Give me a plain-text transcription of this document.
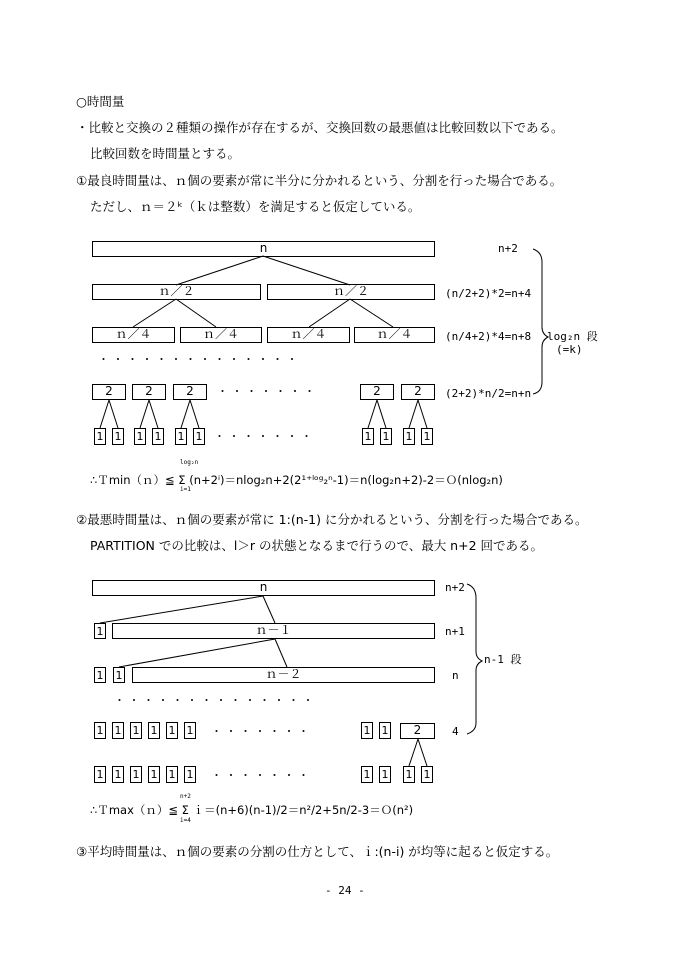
○時間量
・比較と交換の２種類の操作が存在するが、交換回数の最悪値は比較回数以下である。
比較回数を時間量とする。
①最良時間量は、ｎ個の要素が常に半分に分かれるという、分割を行った場合である。
ただし、ｎ＝２ᵏ（ｋは整数）を満足すると仮定している。
n
ｎ／２	ｎ／２
ｎ／４	ｎ／４	ｎ／４	ｎ／４
・ ・ ・ ・ ・ ・ ・ ・ ・ ・ ・ ・ ・ ・
2	2	2	・ ・ ・ ・ ・ ・ ・	2	2
1 1 1 1 1 1 ・ ・ ・ ・ ・ ・ ・	1 1 1 1
n+2
(n/2+2)*2=n+4
(n/4+2)*4=n+8
(2+2)*n/2=n+n
log₂n 段
(=k)
log₂n
i=1
∴Ｔmin（ｎ）≦ Σ (n+2ⁱ)＝nlog₂n+2(2¹⁺ˡᵒᵍ₂ⁿ-1)＝n(log₂n+2)-2＝Ｏ(nlog₂n)
②最悪時間量は、ｎ個の要素が常に 1:(n-1) に分かれるという、分割を行った場合である。
PARTITION での比較は、l＞r の状態となるまで行うので、最大 n+2 回である。
n	n+2
1	ｎ－１	n+1
1 1	ｎ－２	n
n-1 段
・ ・ ・ ・ ・ ・ ・ ・ ・ ・ ・ ・ ・ ・
1 1 1 1 1 1 ・ ・ ・ ・ ・ ・ ・	1 1	2	4
1 1 1 1 1 1 ・ ・ ・ ・ ・ ・ ・	1 1 1 1
n+2
i=4
∴Ｔmax（ｎ）≦ Σ ｉ＝(n+6)(n-1)/2＝n²/2+5n/2-3＝Ｏ(n²)
③平均時間量は、ｎ個の要素の分割の仕方として、ｉ:(n-i) が均等に起ると仮定する。
- 24 -
